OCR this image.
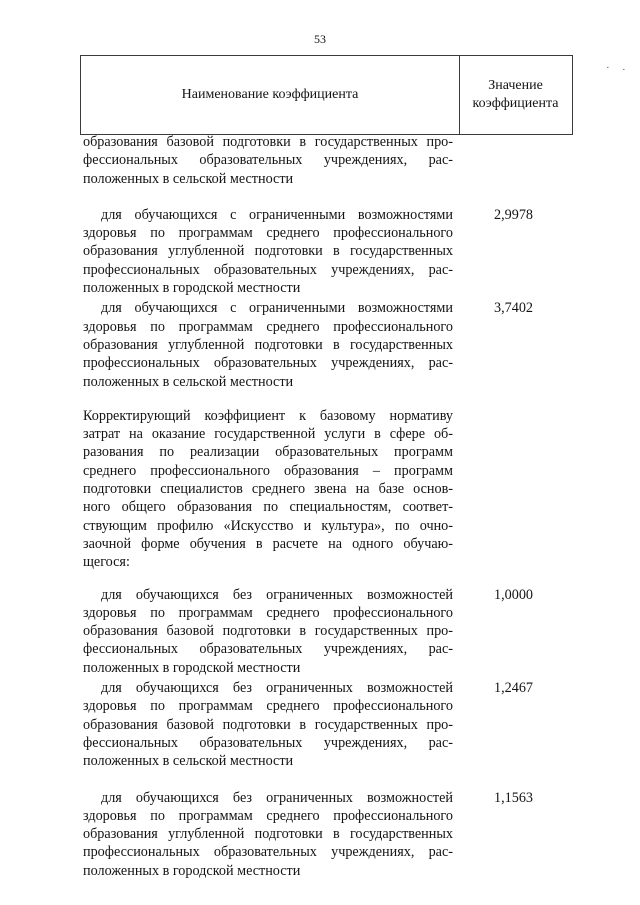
53
Наименование коэффициента
Значение
коэффициента
образования базовой подготовки в государственных про-
фессиональных образовательных учреждениях, рас-
положенных в сельской местности
для обучающихся с ограниченными возможностями
здоровья по программам среднего профессионального
образования углубленной подготовки в государственных
профессиональных образовательных учреждениях, рас-
положенных в городской местности
2,9978
для обучающихся с ограниченными возможностями
здоровья по программам среднего профессионального
образования углубленной подготовки в государственных
профессиональных образовательных учреждениях, рас-
положенных в сельской местности
3,7402
Корректирующий коэффициент к базовому нормативу
затрат на оказание государственной услуги в сфере об-
разования по реализации образовательных программ
среднего профессионального образования – программ
подготовки специалистов среднего звена на базе основ-
ного общего образования по специальностям, соответ-
ствующим профилю «Искусство и культура», по очно-
заочной форме обучения в расчете на одного обучаю-
щегося:
для обучающихся без ограниченных возможностей
здоровья по программам среднего профессионального
образования базовой подготовки в государственных про-
фессиональных образовательных учреждениях, рас-
положенных в городской местности
1,0000
для обучающихся без ограниченных возможностей
здоровья по программам среднего профессионального
образования базовой подготовки в государственных про-
фессиональных образовательных учреждениях, рас-
положенных в сельской местности
1,2467
для обучающихся без ограниченных возможностей
здоровья по программам среднего профессионального
образования углубленной подготовки в государственных
профессиональных образовательных учреждениях, рас-
положенных в городской местности
1,1563
· ·
